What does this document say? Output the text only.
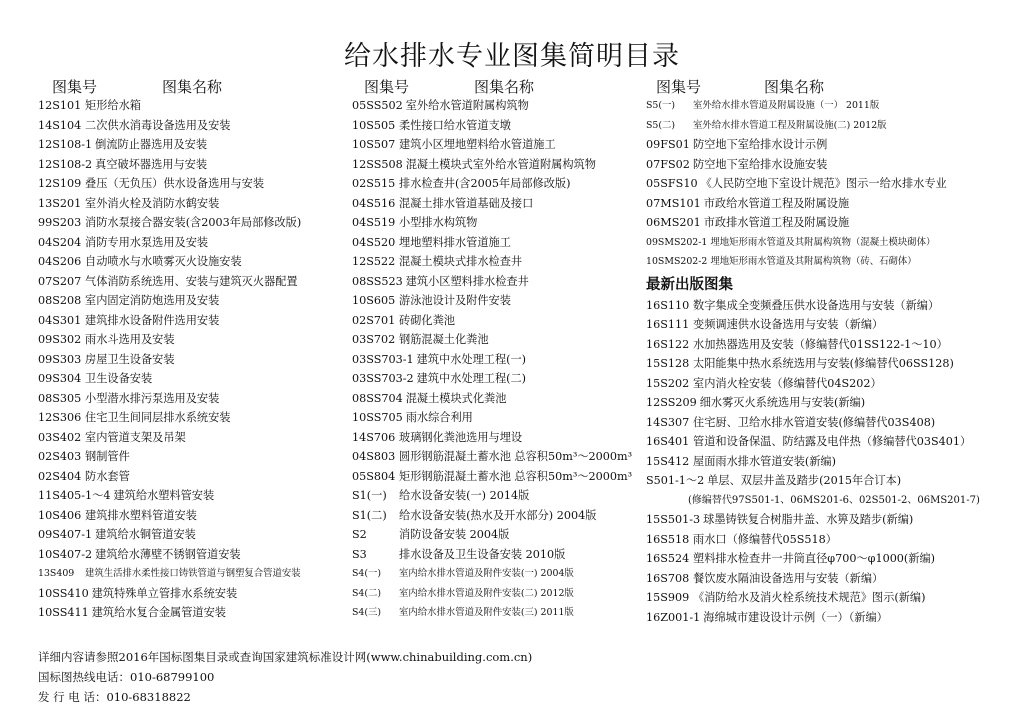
给水排水专业图集简明目录
图集号	图集名称
12S101 矩形给水箱
14S104 二次供水消毒设备选用及安装
12S108-1 倒流防止器选用及安装
12S108-2 真空破坏器选用与安装
12S109 叠压（无负压）供水设备选用与安装
13S201 室外消火栓及消防水鹤安装
99S203 消防水泵接合器安装(含2003年局部修改版)
04S204 消防专用水泵选用及安装
04S206 自动喷水与水喷雾灭火设施安装
07S207 气体消防系统选用、安装与建筑灭火器配置
08S208 室内固定消防炮选用及安装
04S301 建筑排水设备附件选用安装
09S302 雨水斗选用及安装
09S303 房屋卫生设备安装
09S304 卫生设备安装
08S305 小型潜水排污泵选用及安装
12S306 住宅卫生间同层排水系统安装
03S402 室内管道支架及吊架
02S403 钢制管件
02S404 防水套管
11S405-1～4 建筑给水塑料管安装
10S406 建筑排水塑料管道安装
09S407-1 建筑给水铜管道安装
10S407-2 建筑给水薄壁不锈钢管道安装
13S409 建筑生活排水柔性接口铸铁管道与钢塑复合管道安装
10SS410 建筑特殊单立管排水系统安装
10SS411 建筑给水复合金属管道安装
图集号	图集名称
05SS502 室外给水管道附属构筑物
10S505 柔性接口给水管道支墩
10S507 建筑小区埋地塑料给水管道施工
12SS508 混凝土模块式室外给水管道附属构筑物
02S515 排水检查井(含2005年局部修改版)
04S516 混凝土排水管道基础及接口
04S519 小型排水构筑物
04S520 埋地塑料排水管道施工
12S522 混凝土模块式排水检查井
08SS523 建筑小区塑料排水检查井
10S605 游泳池设计及附件安装
02S701 砖砌化粪池
03S702 钢筋混凝土化粪池
03SS703-1 建筑中水处理工程(一)
03SS703-2 建筑中水处理工程(二)
08SS704 混凝土模块式化粪池
10SS705 雨水综合利用
14S706 玻璃钢化粪池选用与埋设
04S803 圆形钢筋混凝土蓄水池 总容积50m³～2000m³
05S804 矩形钢筋混凝土蓄水池 总容积50m³～2000m³
S1(一) 给水设备安装(一) 2014版
S1(二) 给水设备安装(热水及开水部分) 2004版
S2	消防设备安装 2004版
S3	排水设备及卫生设备安装 2010版
S4(一) 室内给水排水管道及附件安装(一) 2004版
S4(二) 室内给水排水管道及附件安装(二) 2012版
S4(三) 室内给水排水管道及附件安装(三) 2011版
图集号	图集名称
S5(一) 室外给水排水管道及附属设施（一） 2011版
S5(二) 室外给水排水管道工程及附属设施(二) 2012版
09FS01 防空地下室给排水设计示例
07FS02 防空地下室给排水设施安装
05SFS10 《人民防空地下室设计规范》图示一给水排水专业
07MS101 市政给水管道工程及附属设施
06MS201 市政排水管道工程及附属设施
09SMS202-1 埋地矩形雨水管道及其附属构筑物（混凝土模块砌体）
10SMS202-2 埋地矩形雨水管道及其附属构筑物（砖、石砌体）
最新出版图集
16S110 数字集成全变频叠压供水设备选用与安装（新编）
16S111 变频调速供水设备选用与安装（新编）
16S122 水加热器选用及安装（修编替代01SS122-1～10）
15S128 太阳能集中热水系统选用与安装(修编替代06SS128)
15S202 室内消火栓安装（修编替代04S202）
12SS209 细水雾灭火系统选用与安装(新编)
14S307 住宅厨、卫给水排水管道安装(修编替代03S408)
16S401 管道和设备保温、防结露及电伴热（修编替代03S401）
15S412 屋面雨水排水管道安装(新编)
S501-1～2 单层、双层井盖及踏步(2015年合订本)
(修编替代97S501-1、06MS201-6、02S501-2、06MS201-7)
15S501-3 球墨铸铁复合树脂井盖、水箅及踏步(新编)
16S518 雨水口（修编替代05S518）
16S524 塑料排水检查井一井筒直径φ700～φ1000(新编)
16S708 餐饮废水隔油设备选用与安装（新编）
15S909 《消防给水及消火栓系统技术规范》图示(新编)
16Z001-1 海绵城市建设设计示例（一）（新编）
详细内容请参照2016年国标图集目录或查询国家建筑标准设计网(www.chinabuilding.com.cn)
国标图热线电话：010-68799100
发 行 电 话：010-68318822
